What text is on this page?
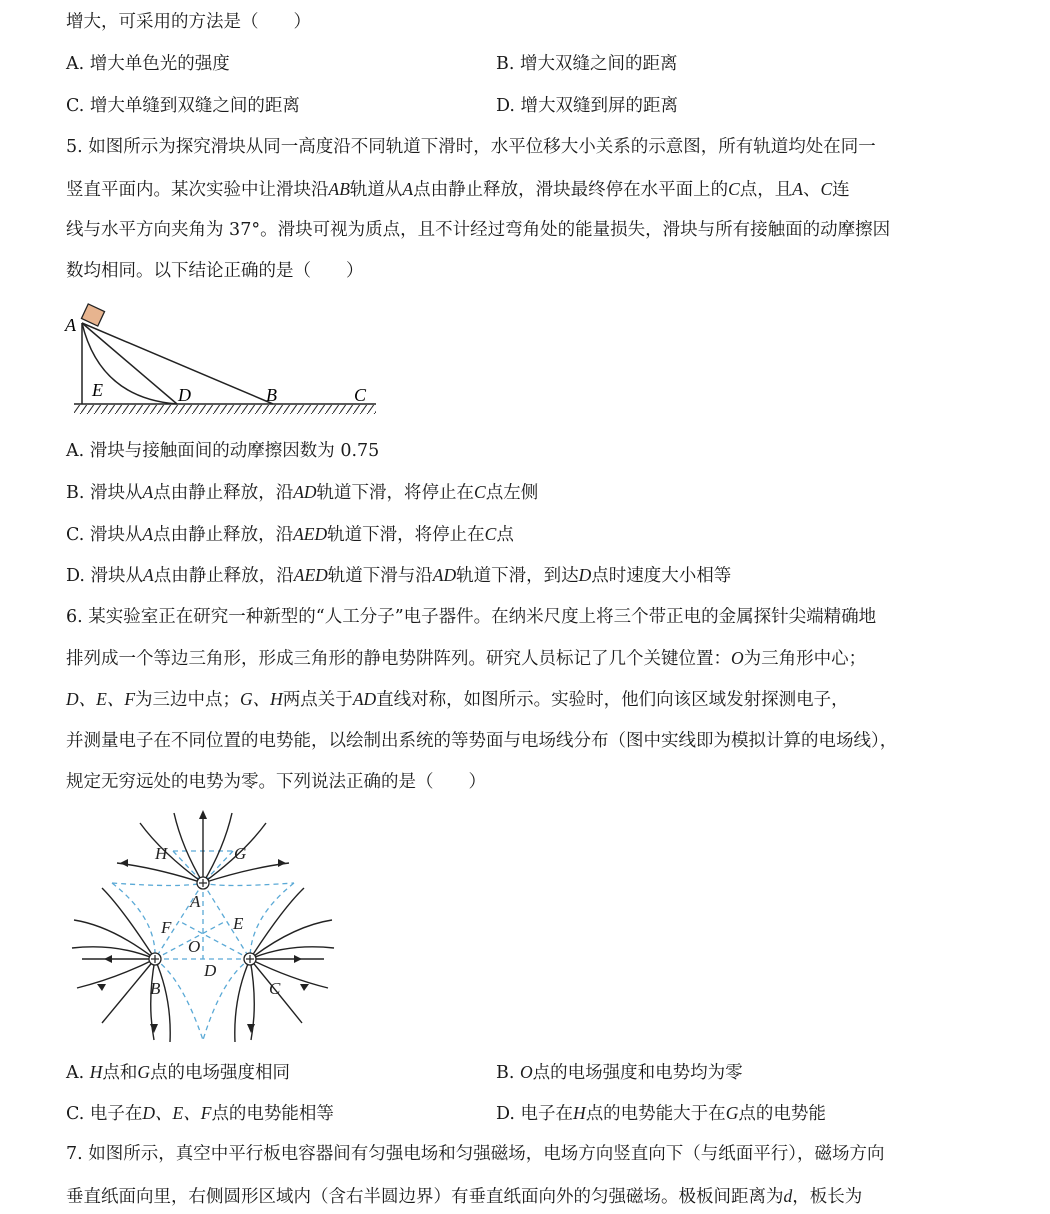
增大，可采用的方法是（　　）
A. 增大单色光的强度	B. 增大双缝之间的距离
C. 增大单缝到双缝之间的距离	D. 增大双缝到屏的距离
5. 如图所示为探究滑块从同一高度沿不同轨道下滑时，水平位移大小关系的示意图，所有轨道均处在同一
竖直平面内。某次实验中让滑块沿AB轨道从A点由静止释放，滑块最终停在水平面上的C点，且A、C连
线与水平方向夹角为 37°。滑块可视为质点，且不计经过弯角处的能量损失，滑块与所有接触面的动摩擦因
数均相同。以下结论正确的是（　　）
A
E	D	B	C
A. 滑块与接触面间的动摩擦因数为 0.75
B. 滑块从A点由静止释放，沿AD轨道下滑，将停止在C点左侧
C. 滑块从A点由静止释放，沿AED轨道下滑，将停止在C点
D. 滑块从A点由静止释放，沿AED轨道下滑与沿AD轨道下滑，到达D点时速度大小相等
6. 某实验室正在研究一种新型的“人工分子”电子器件。在纳米尺度上将三个带正电的金属探针尖端精确地
排列成一个等边三角形，形成三角形的静电势阱阵列。研究人员标记了几个关键位置：O为三角形中心；
D、E、F为三边中点；G、H两点关于AD直线对称，如图所示。实验时，他们向该区域发射探测电子，
并测量电子在不同位置的电势能，以绘制出系统的等势面与电场线分布（图中实线即为模拟计算的电场线），
规定无穷远处的电势为零。下列说法正确的是（　　）
H	G
A
F	E
O
D
B	C
A. H点和G点的电场强度相同	B. O点的电场强度和电势均为零
C. 电子在D、E、F点的电势能相等	D. 电子在H点的电势能大于在G点的电势能
7. 如图所示，真空中平行板电容器间有匀强电场和匀强磁场，电场方向竖直向下（与纸面平行），磁场方向
垂直纸面向里，右侧圆形区域内（含右半圆边界）有垂直纸面向外的匀强磁场。极板间距离为d，板长为
